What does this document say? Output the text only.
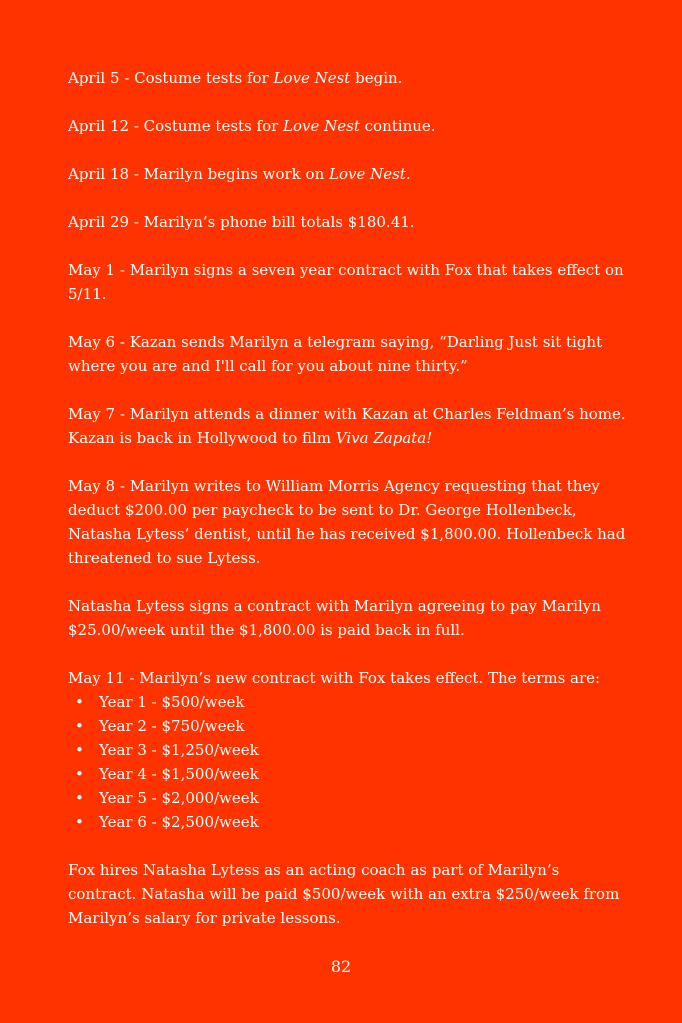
April 5 - Costume tests for Love Nest begin.

April 12 - Costume tests for Love Nest continue.

April 18 - Marilyn begins work on Love Nest.

April 29 - Marilyn’s phone bill totals $180.41.

May 1 - Marilyn signs a seven year contract with Fox that takes effect on 5/11.

May 6 - Kazan sends Marilyn a telegram saying, “Darling Just sit tight where you are and I'll call for you about nine thirty.”

May 7 - Marilyn attends a dinner with Kazan at Charles Feldman’s home. Kazan is back in Hollywood to film Viva Zapata!

May 8 - Marilyn writes to William Morris Agency requesting that they deduct $200.00 per paycheck to be sent to Dr. George Hollenbeck, Natasha Lytess’ dentist, until he has received $1,800.00. Hollenbeck had threatened to sue Lytess.

Natasha Lytess signs a contract with Marilyn agreeing to pay Marilyn $25.00/week until the $1,800.00 is paid back in full.

May 11 - Marilyn’s new contract with Fox takes effect. The terms are:
• Year 1 - $500/week
• Year 2 - $750/week
• Year 3 - $1,250/week
• Year 4 - $1,500/week
• Year 5 - $2,000/week
• Year 6 - $2,500/week

Fox hires Natasha Lytess as an acting coach as part of Marilyn’s contract. Natasha will be paid $500/week with an extra $250/week from Marilyn’s salary for private lessons.

82
